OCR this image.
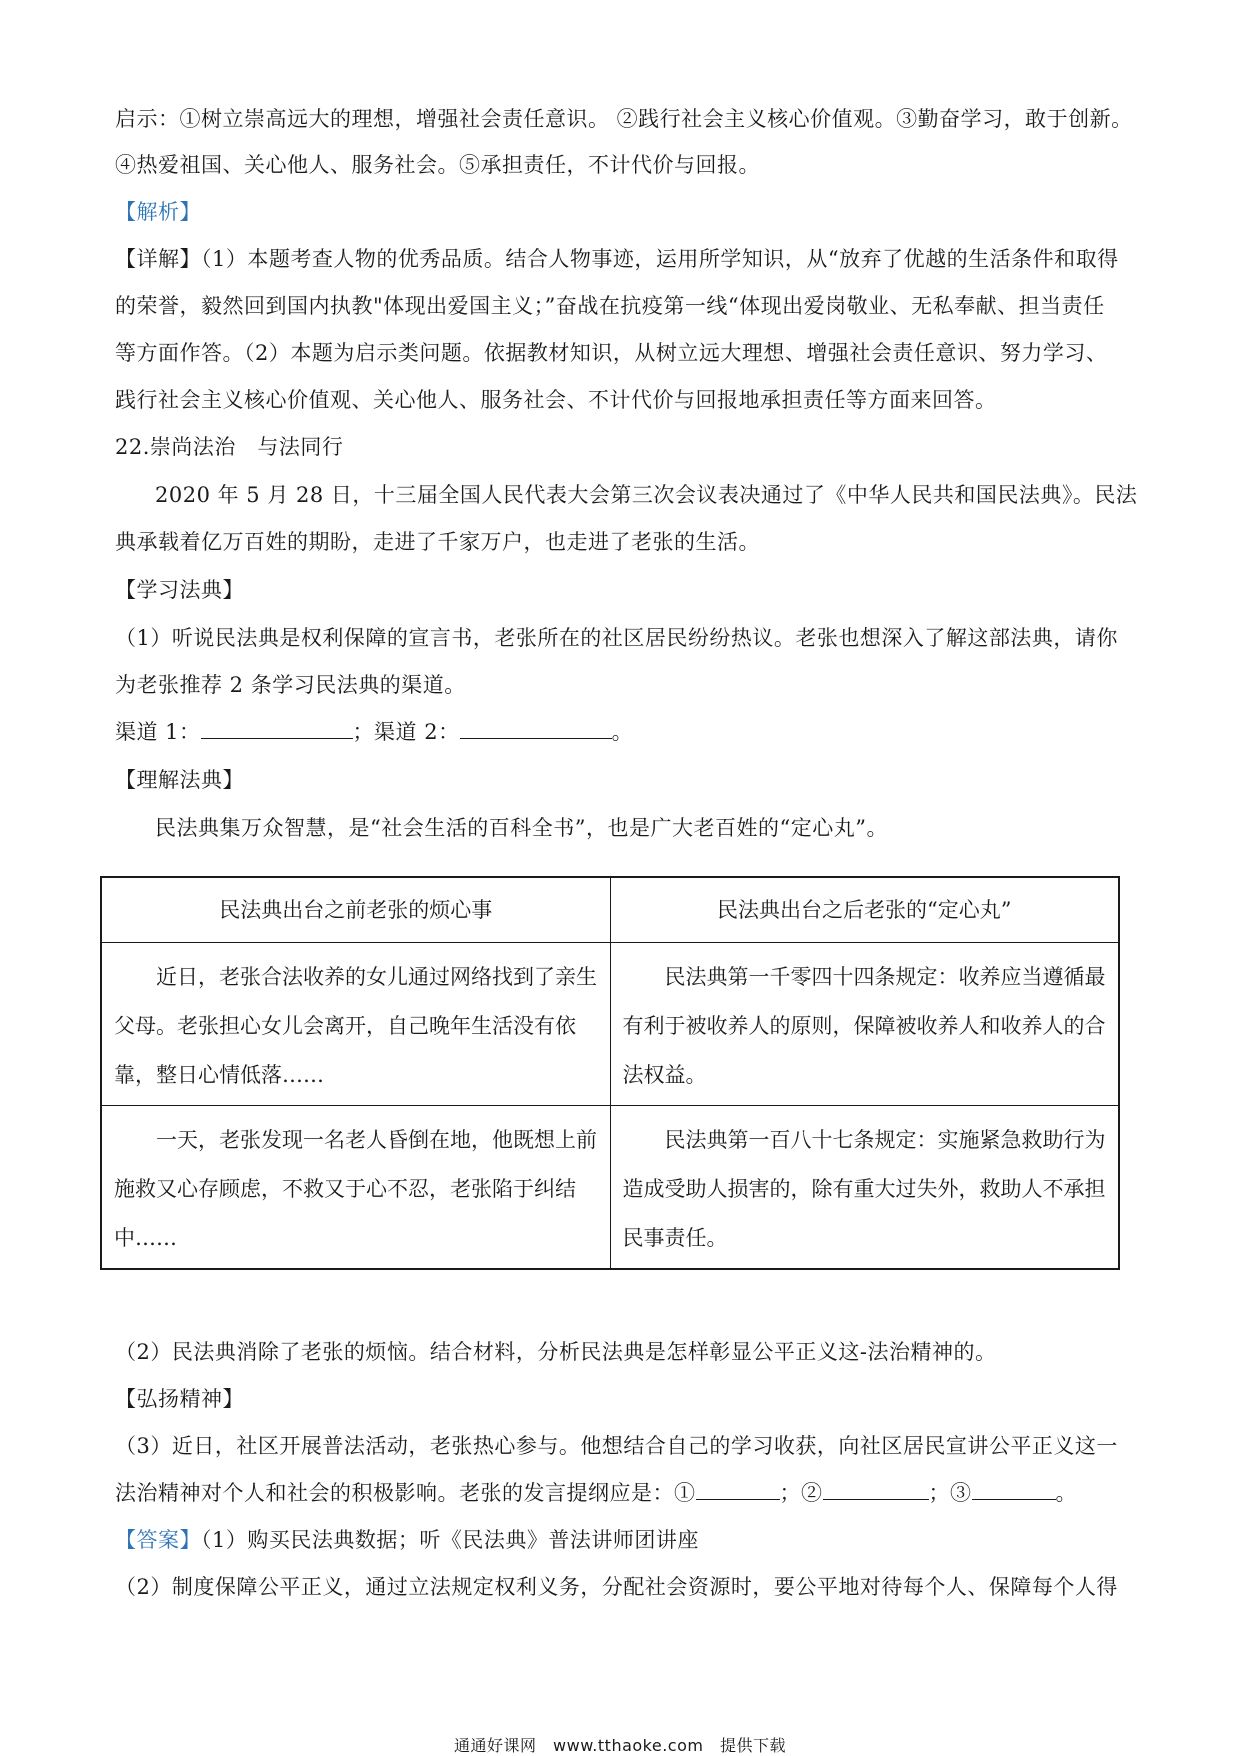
启示：①树立崇高远大的理想，增强社会责任意识。 ②践行社会主义核心价值观。③勤奋学习，敢于创新。
④热爱祖国、关心他人、服务社会。⑤承担责任，不计代价与回报。
【解析】
【详解】（1）本题考查人物的优秀品质。结合人物事迹，运用所学知识，从“放弃了优越的生活条件和取得
的荣誉，毅然回到国内执教"体现出爱国主义；”奋战在抗疫第一线“体现出爱岗敬业、无私奉献、担当责任
等方面作答。（2）本题为启示类问题。依据教材知识，从树立远大理想、增强社会责任意识、努力学习、
践行社会主义核心价值观、关心他人、服务社会、不计代价与回报地承担责任等方面来回答。
22.崇尚法治　与法同行
2020 年 5 月 28 日，十三届全国人民代表大会第三次会议表决通过了《中华人民共和国民法典》。民法
典承载着亿万百姓的期盼，走进了千家万户，也走进了老张的生活。
【学习法典】
（1）听说民法典是权利保障的宣言书，老张所在的社区居民纷纷热议。老张也想深入了解这部法典，请你
为老张推荐 2 条学习民法典的渠道。
渠道 1：	；渠道 2：	。
【理解法典】
民法典集万众智慧，是“社会生活的百科全书”，也是广大老百姓的“定心丸”。
民法典出台之前老张的烦心事	民法典出台之后老张的“定心丸”
近日，老张合法收养的女儿通过网络找到了亲生父母。老张担心女儿会离开，自己晚年生活没有依靠，整日心情低落……	民法典第一千零四十四条规定：收养应当遵循最有利于被收养人的原则，保障被收养人和收养人的合法权益。
一天，老张发现一名老人昏倒在地，他既想上前施救又心存顾虑，不救又于心不忍，老张陷于纠结中……	民法典第一百八十七条规定：实施紧急救助行为造成受助人损害的，除有重大过失外，救助人不承担民事责任。
（2）民法典消除了老张的烦恼。结合材料，分析民法典是怎样彰显公平正义这-法治精神的。
【弘扬精神】
（3）近日，社区开展普法活动，老张热心参与。他想结合自己的学习收获，向社区居民宣讲公平正义这一
法治精神对个人和社会的积极影响。老张的发言提纲应是：①	；②	；③	。
【答案】（1）购买民法典数据；听《民法典》普法讲师团讲座
（2）制度保障公平正义，通过立法规定权利义务，分配社会资源时，要公平地对待每个人、保障每个人得
通通好课网　www.tthaoke.com　提供下载
